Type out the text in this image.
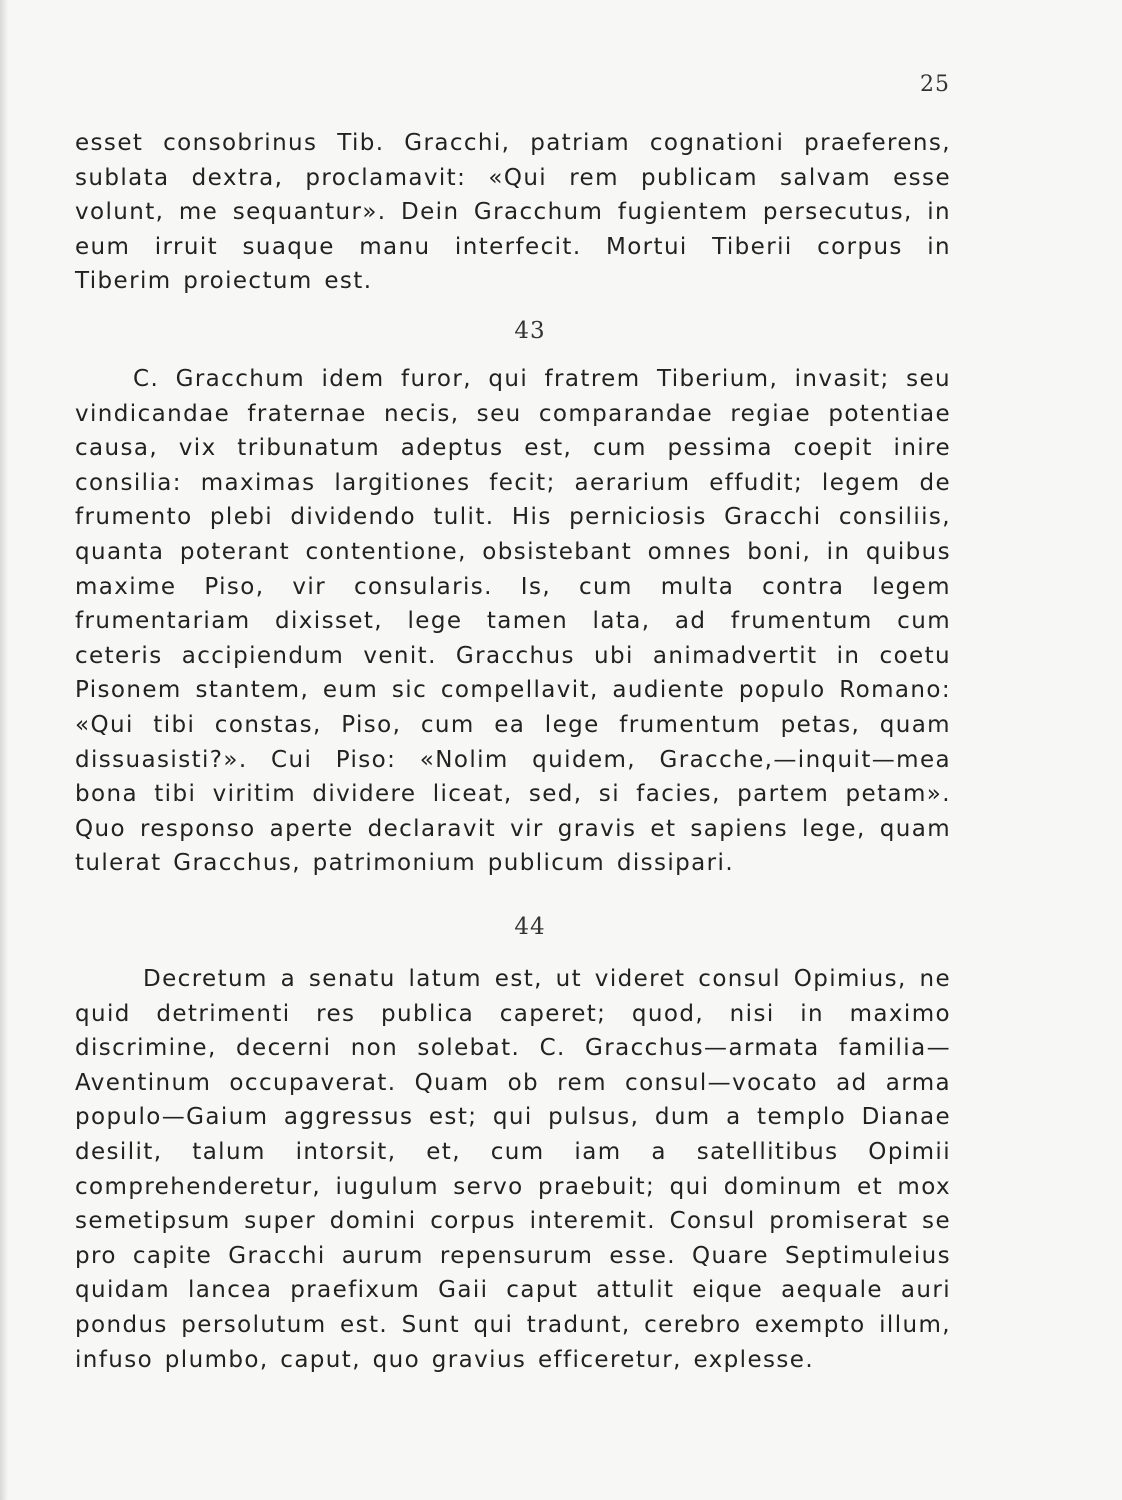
25

esset consobrinus Tib. Gracchi, patriam cognationi praeferens, sublata dextra, proclamavit: «Qui rem publicam salvam esse volunt, me sequantur». Dein Gracchum fugientem persecutus, in eum irruit suaque manu interfecit. Mortui Tiberii corpus in Tiberim proiectum est.

43

C. Gracchum idem furor, qui fratrem Tiberium, invasit; seu vindicandae fraternae necis, seu comparandae regiae potentiae causa, vix tribunatum adeptus est, cum pessima coepit inire consilia: maximas largitiones fecit; aerarium effudit; legem de frumento plebi dividendo tulit. His perniciosis Gracchi consiliis, quanta poterant contentione, obsistebant omnes boni, in quibus maxime Piso, vir consularis. Is, cum multa contra legem frumentariam dixisset, lege tamen lata, ad frumentum cum ceteris accipiendum venit. Gracchus ubi animadvertit in coetu Pisonem stantem, eum sic compellavit, audiente populo Romano: «Qui tibi constas, Piso, cum ea lege frumentum petas, quam dissuasisti?». Cui Piso: «Nolim quidem, Gracche,—inquit—mea bona tibi viritim dividere liceat, sed, si facies, partem petam». Quo responso aperte declaravit vir gravis et sapiens lege, quam tulerat Gracchus, patrimonium publicum dissipari.

44

Decretum a senatu latum est, ut videret consul Opimius, ne quid detrimenti res publica caperet; quod, nisi in maximo discrimine, decerni non solebat. C. Gracchus—armata familia—Aventinum occupaverat. Quam ob rem consul—vocato ad arma populo—Gaium aggressus est; qui pulsus, dum a templo Dianae desilit, talum intorsit, et, cum iam a satellitibus Opimii comprehenderetur, iugulum servo praebuit; qui dominum et mox semetipsum super domini corpus interemit. Consul promiserat se pro capite Gracchi aurum repensurum esse. Quare Septimuleius quidam lancea praefixum Gaii caput attulit eique aequale auri pondus persolutum est. Sunt qui tradunt, cerebro exempto illum, infuso plumbo, caput, quo gravius efficeretur, explesse.
